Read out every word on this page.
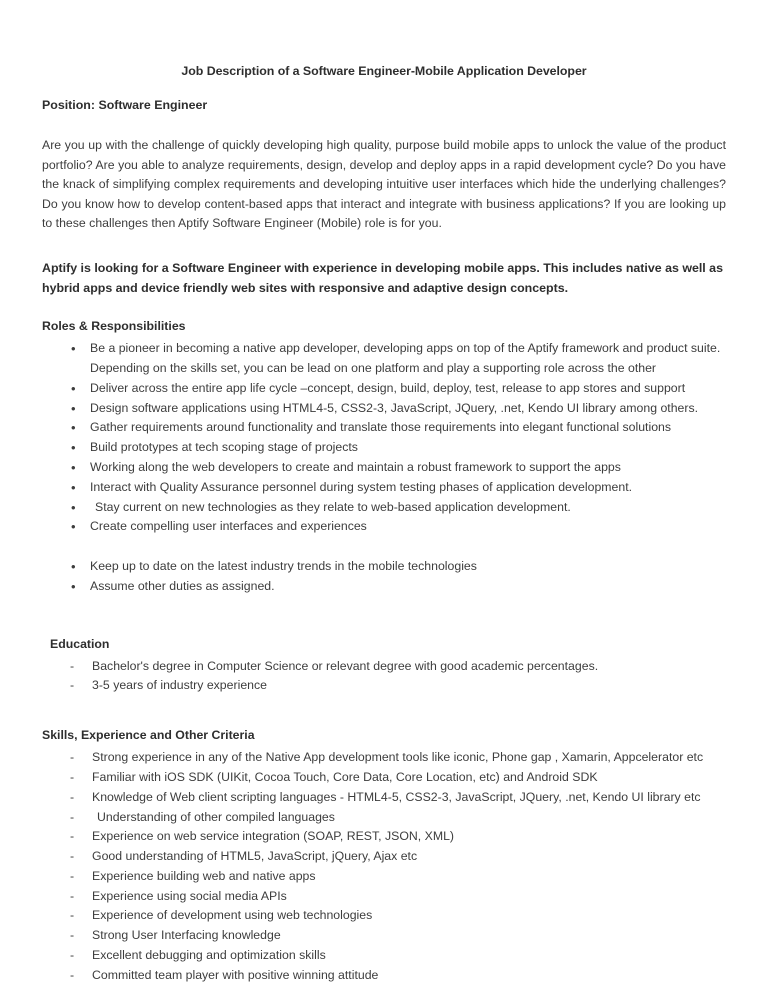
Job Description of a Software Engineer-Mobile Application Developer

Position: Software Engineer

Are you up with the challenge of quickly developing high quality, purpose build mobile apps to unlock the value of the product portfolio? Are you able to analyze requirements, design, develop and deploy apps in a rapid development cycle? Do you have the knack of simplifying complex requirements and developing intuitive user interfaces which hide the underlying challenges? Do you know how to develop content-based apps that interact and integrate with business applications? If you are looking up to these challenges then Aptify Software Engineer (Mobile) role is for you.

Aptify is looking for a Software Engineer with experience in developing mobile apps. This includes native as well as hybrid apps and device friendly web sites with responsive and adaptive design concepts.

Roles & Responsibilities
• Be a pioneer in becoming a native app developer, developing apps on top of the Aptify framework and product suite. Depending on the skills set, you can be lead on one platform and play a supporting role across the other
• Deliver across the entire app life cycle –concept, design, build, deploy, test, release to app stores and support
• Design software applications using HTML4-5, CSS2-3, JavaScript, JQuery, .net, Kendo UI library among others.
• Gather requirements around functionality and translate those requirements into elegant functional solutions
• Build prototypes at tech scoping stage of projects
• Working along the web developers to create and maintain a robust framework to support the apps
• Interact with Quality Assurance personnel during system testing phases of application development.
• Stay current on new technologies as they relate to web-based application development.
• Create compelling user interfaces and experiences
• Keep up to date on the latest industry trends in the mobile technologies
• Assume other duties as assigned.
Education
- Bachelor's degree in Computer Science or relevant degree with good academic percentages.
- 3-5 years of industry experience
Skills, Experience and Other Criteria
- Strong experience in any of the Native App development tools like iconic, Phone gap , Xamarin, Appcelerator etc
- Familiar with iOS SDK (UIKit, Cocoa Touch, Core Data, Core Location, etc) and Android SDK
- Knowledge of Web client scripting languages - HTML4-5, CSS2-3, JavaScript, JQuery, .net, Kendo UI library etc
- Understanding of other compiled languages
- Experience on web service integration (SOAP, REST, JSON, XML)
- Good understanding of HTML5, JavaScript, jQuery, Ajax etc
- Experience building web and native apps
- Experience using social media APIs
- Experience of development using web technologies
- Strong User Interfacing knowledge
- Excellent debugging and optimization skills
- Committed team player with positive winning attitude
